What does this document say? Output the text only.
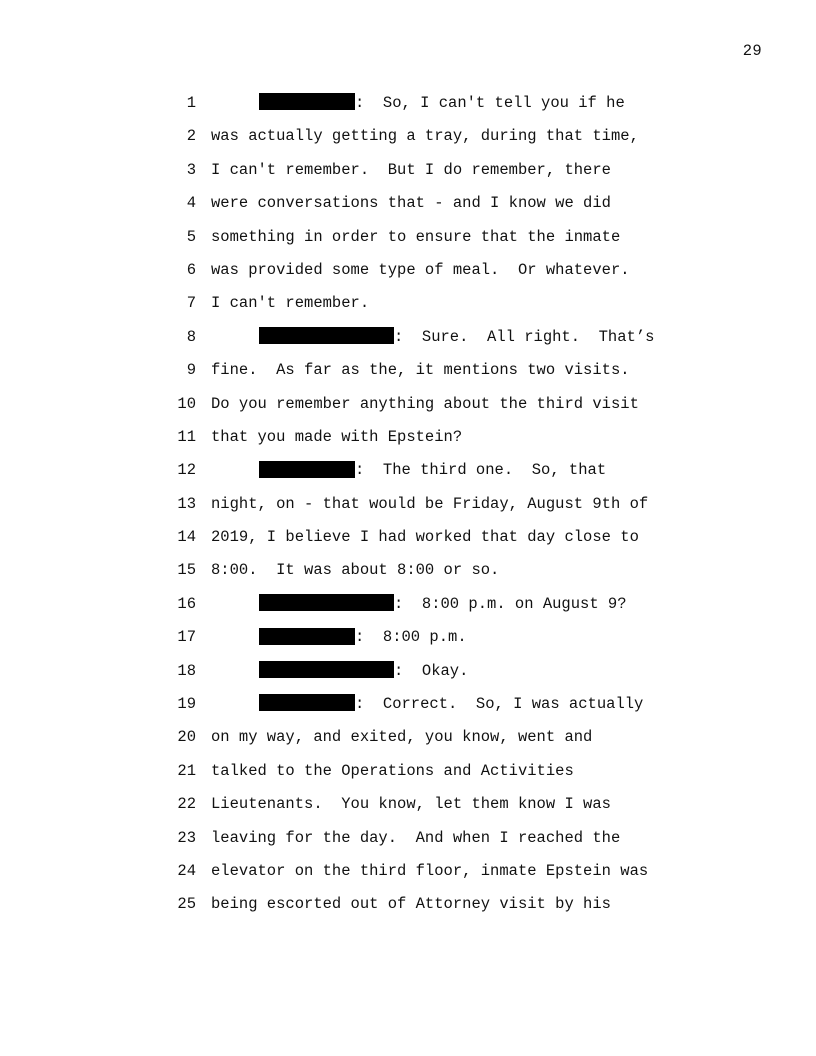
29
1	:  So, I can't tell you if he
2 was actually getting a tray, during that time,
3 I can't remember.  But I do remember, there
4 were conversations that - and I know we did
5 something in order to ensure that the inmate
6 was provided some type of meal.  Or whatever.
7 I can't remember.
8	:  Sure.  All right.  That’s
9 fine.  As far as the, it mentions two visits.
10 Do you remember anything about the third visit
11 that you made with Epstein?
12	:  The third one.  So, that
13 night, on - that would be Friday, August 9th of
14 2019, I believe I had worked that day close to
15 8:00.  It was about 8:00 or so.
16	:  8:00 p.m. on August 9?
17	:  8:00 p.m.
18	:  Okay.
19	:  Correct.  So, I was actually
20 on my way, and exited, you know, went and
21 talked to the Operations and Activities
22 Lieutenants.  You know, let them know I was
23 leaving for the day.  And when I reached the
24 elevator on the third floor, inmate Epstein was
25 being escorted out of Attorney visit by his
